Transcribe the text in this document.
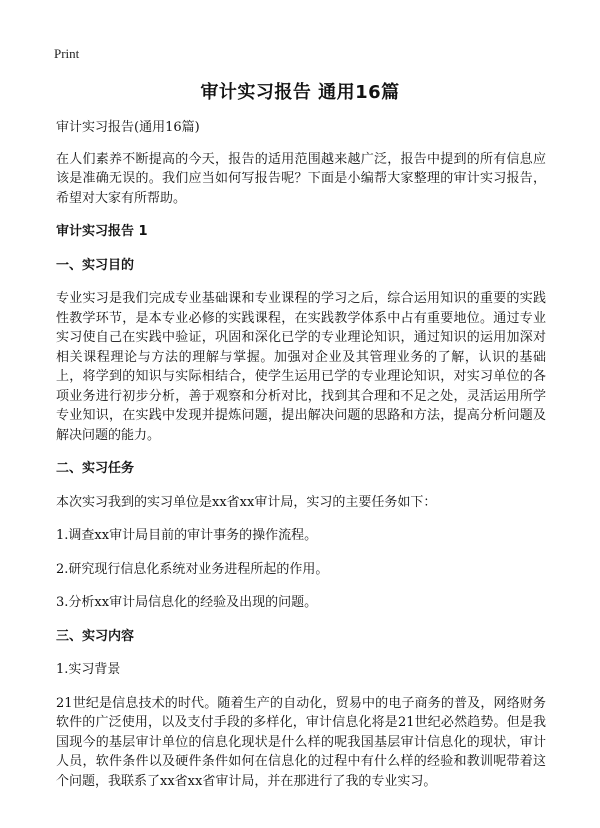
Print
审计实习报告 通用16篇

审计实习报告(通用16篇)

在人们素养不断提高的今天，报告的适用范围越来越广泛，报告中提到的所有信息应该是准确无误的。我们应当如何写报告呢？下面是小编帮大家整理的审计实习报告，希望对大家有所帮助。

审计实习报告 1

一、实习目的

专业实习是我们完成专业基础课和专业课程的学习之后，综合运用知识的重要的实践性教学环节，是本专业必修的实践课程，在实践教学体系中占有重要地位。通过专业实习使自己在实践中验证，巩固和深化已学的专业理论知识，通过知识的运用加深对相关课程理论与方法的理解与掌握。加强对企业及其管理业务的了解，认识的基础上，将学到的知识与实际相结合，使学生运用已学的专业理论知识，对实习单位的各项业务进行初步分析，善于观察和分析对比，找到其合理和不足之处，灵活运用所学专业知识，在实践中发现并提炼问题，提出解决问题的思路和方法，提高分析问题及解决问题的能力。

二、实习任务

本次实习我到的实习单位是xx省xx审计局，实习的主要任务如下：

1.调查xx审计局目前的审计事务的操作流程。

2.研究现行信息化系统对业务进程所起的作用。

3.分析xx审计局信息化的经验及出现的问题。

三、实习内容

1.实习背景

21世纪是信息技术的时代。随着生产的自动化，贸易中的电子商务的普及，网络财务软件的广泛使用，以及支付手段的多样化，审计信息化将是21世纪必然趋势。但是我国现今的基层审计单位的信息化现状是什么样的呢我国基层审计信息化的现状，审计人员，软件条件以及硬件条件如何在信息化的过程中有什么样的经验和教训呢带着这个问题，我联系了xx省xx省审计局，并在那进行了我的专业实习。
